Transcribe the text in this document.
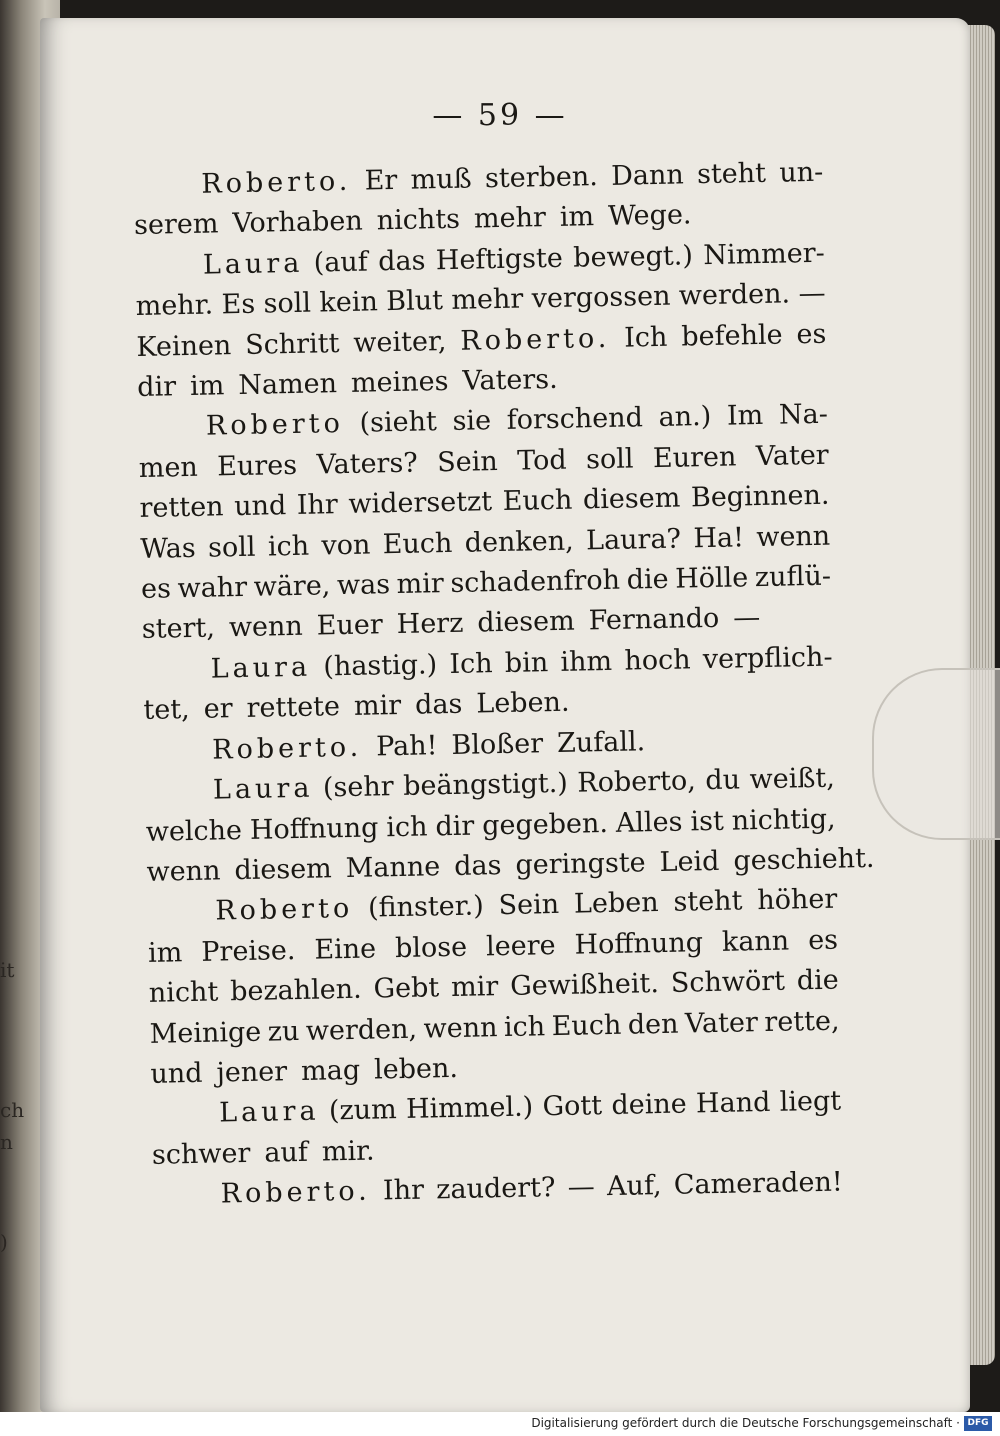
it
ch
n
)
— 59 —
Roberto. Er muß sterben. Dann steht un-
serem Vorhaben nichts mehr im Wege.
Laura (auf das Heftigste bewegt.) Nimmer-
mehr. Es soll kein Blut mehr vergossen werden. —
Keinen Schritt weiter, Roberto. Ich befehle es
dir im Namen meines Vaters.
Roberto (sieht sie forschend an.) Im Na-
men Eures Vaters? Sein Tod soll Euren Vater
retten und Ihr widersetzt Euch diesem Beginnen.
Was soll ich von Euch denken, Laura? Ha! wenn
es wahr wäre, was mir schadenfroh die Hölle zuflü-
stert, wenn Euer Herz diesem Fernando —
Laura (hastig.) Ich bin ihm hoch verpflich-
tet, er rettete mir das Leben.
Roberto. Pah! Bloßer Zufall.
Laura (sehr beängstigt.) Roberto, du weißt,
welche Hoffnung ich dir gegeben. Alles ist nichtig,
wenn diesem Manne das geringste Leid geschieht.
Roberto (finster.) Sein Leben steht höher
im Preise. Eine blose leere Hoffnung kann es
nicht bezahlen. Gebt mir Gewißheit. Schwört die
Meinige zu werden, wenn ich Euch den Vater rette,
und jener mag leben.
Laura (zum Himmel.) Gott deine Hand liegt
schwer auf mir.
Roberto. Ihr zaudert? — Auf, Cameraden!
Digitalisierung gefördert durch die Deutsche Forschungsgemeinschaft · DFG
